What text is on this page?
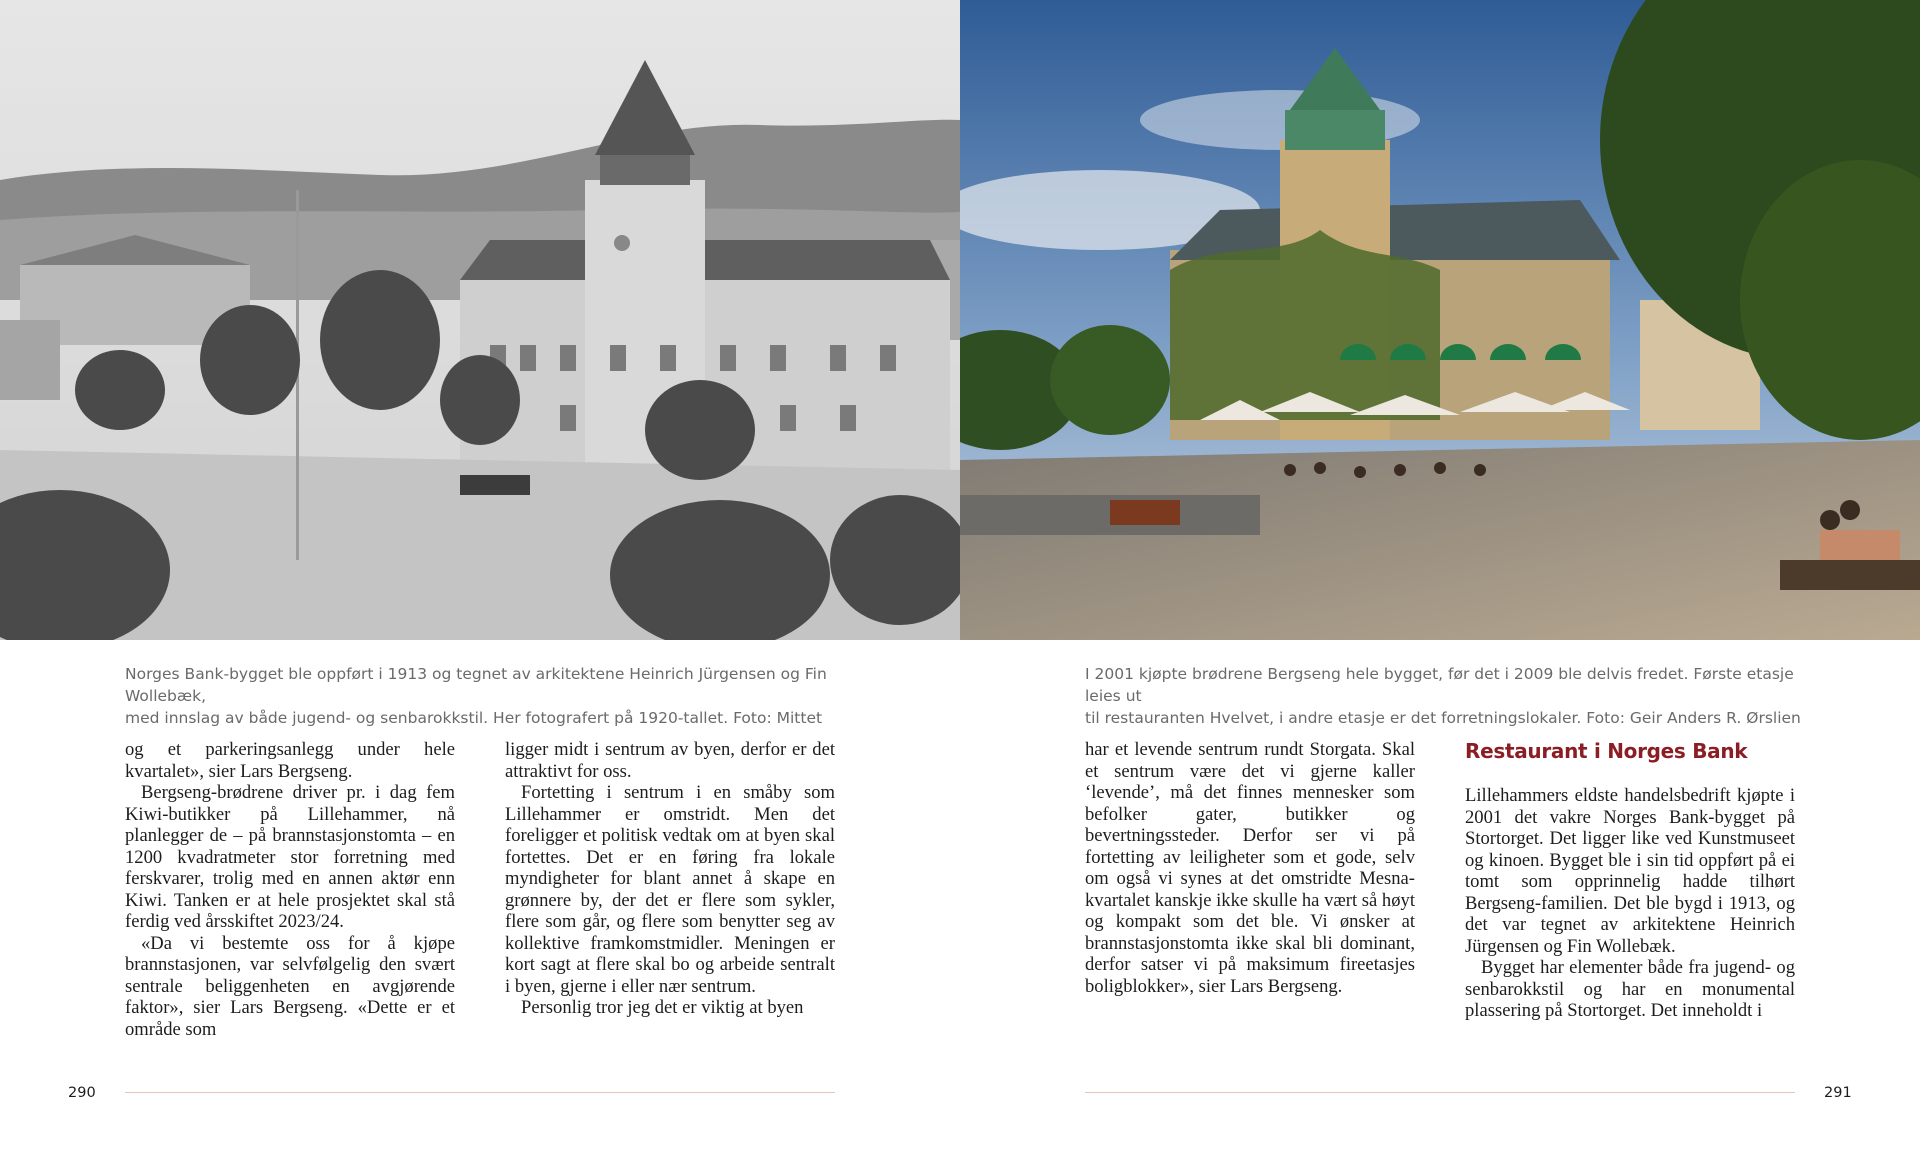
Norges Bank-bygget ble oppført i 1913 og tegnet av arkitektene Heinrich Jürgensen og Fin Wollebæk,

med innslag av både jugend- og senbarokkstil. Her fotografert på 1920-tallet. Foto: Mittet

I 2001 kjøpte brødrene Bergseng hele bygget, før det i 2009 ble delvis fredet. Første etasje leies ut

til restauranten Hvelvet, i andre etasje er det forretningslokaler. Foto: Geir Anders R. Ørslien

og et parkeringsanlegg under hele kvartalet», sier Lars Bergseng.

Bergseng-brødrene driver pr. i dag fem Kiwi-butikker på Lillehammer, nå planlegger de – på brannstasjonstomta – en 1200 kvadratmeter stor forretning med ferskvarer, trolig med en annen aktør enn Kiwi. Tanken er at hele prosjektet skal stå ferdig ved årsskiftet 2023/24.

«Da vi bestemte oss for å kjøpe brannstasjonen, var selvfølgelig den svært sentrale beliggenheten en avgjørende faktor», sier Lars Bergseng. «Dette er et område som

ligger midt i sentrum av byen, derfor er det attraktivt for oss.

Fortetting i sentrum i en småby som Lillehammer er omstridt. Men det foreligger et politisk vedtak om at byen skal fortettes. Det er en føring fra lokale myndigheter for blant annet å skape en grønnere by, der det er flere som sykler, flere som går, og flere som benytter seg av kollektive framkomstmidler. Meningen er kort sagt at flere skal bo og arbeide sentralt i byen, gjerne i eller nær sentrum.

Personlig tror jeg det er viktig at byen

har et levende sentrum rundt Storgata. Skal et sentrum være det vi gjerne kaller ‘levende’, må det finnes mennesker som befolker gater, butikker og bevertningssteder. Derfor ser vi på fortetting av leiligheter som et gode, selv om også vi synes at det omstridte Mesna-kvartalet kanskje ikke skulle ha vært så høyt og kompakt som det ble. Vi ønsker at brannstasjonstomta ikke skal bli dominant, derfor satser vi på maksimum fireetasjes boligblokker», sier Lars Bergseng.

Restaurant i Norges Bank

Lillehammers eldste handelsbedrift kjøpte i 2001 det vakre Norges Bank-bygget på Stortorget. Det ligger like ved Kunstmuseet og kinoen. Bygget ble i sin tid oppført på ei tomt som opprinnelig hadde tilhørt Bergseng-familien. Det ble bygd i 1913, og det var tegnet av arkitektene Heinrich Jürgensen og Fin Wollebæk.

Bygget har elementer både fra jugend- og senbarokkstil og har en monumental plassering på Stortorget. Det inneholdt i

290	291
